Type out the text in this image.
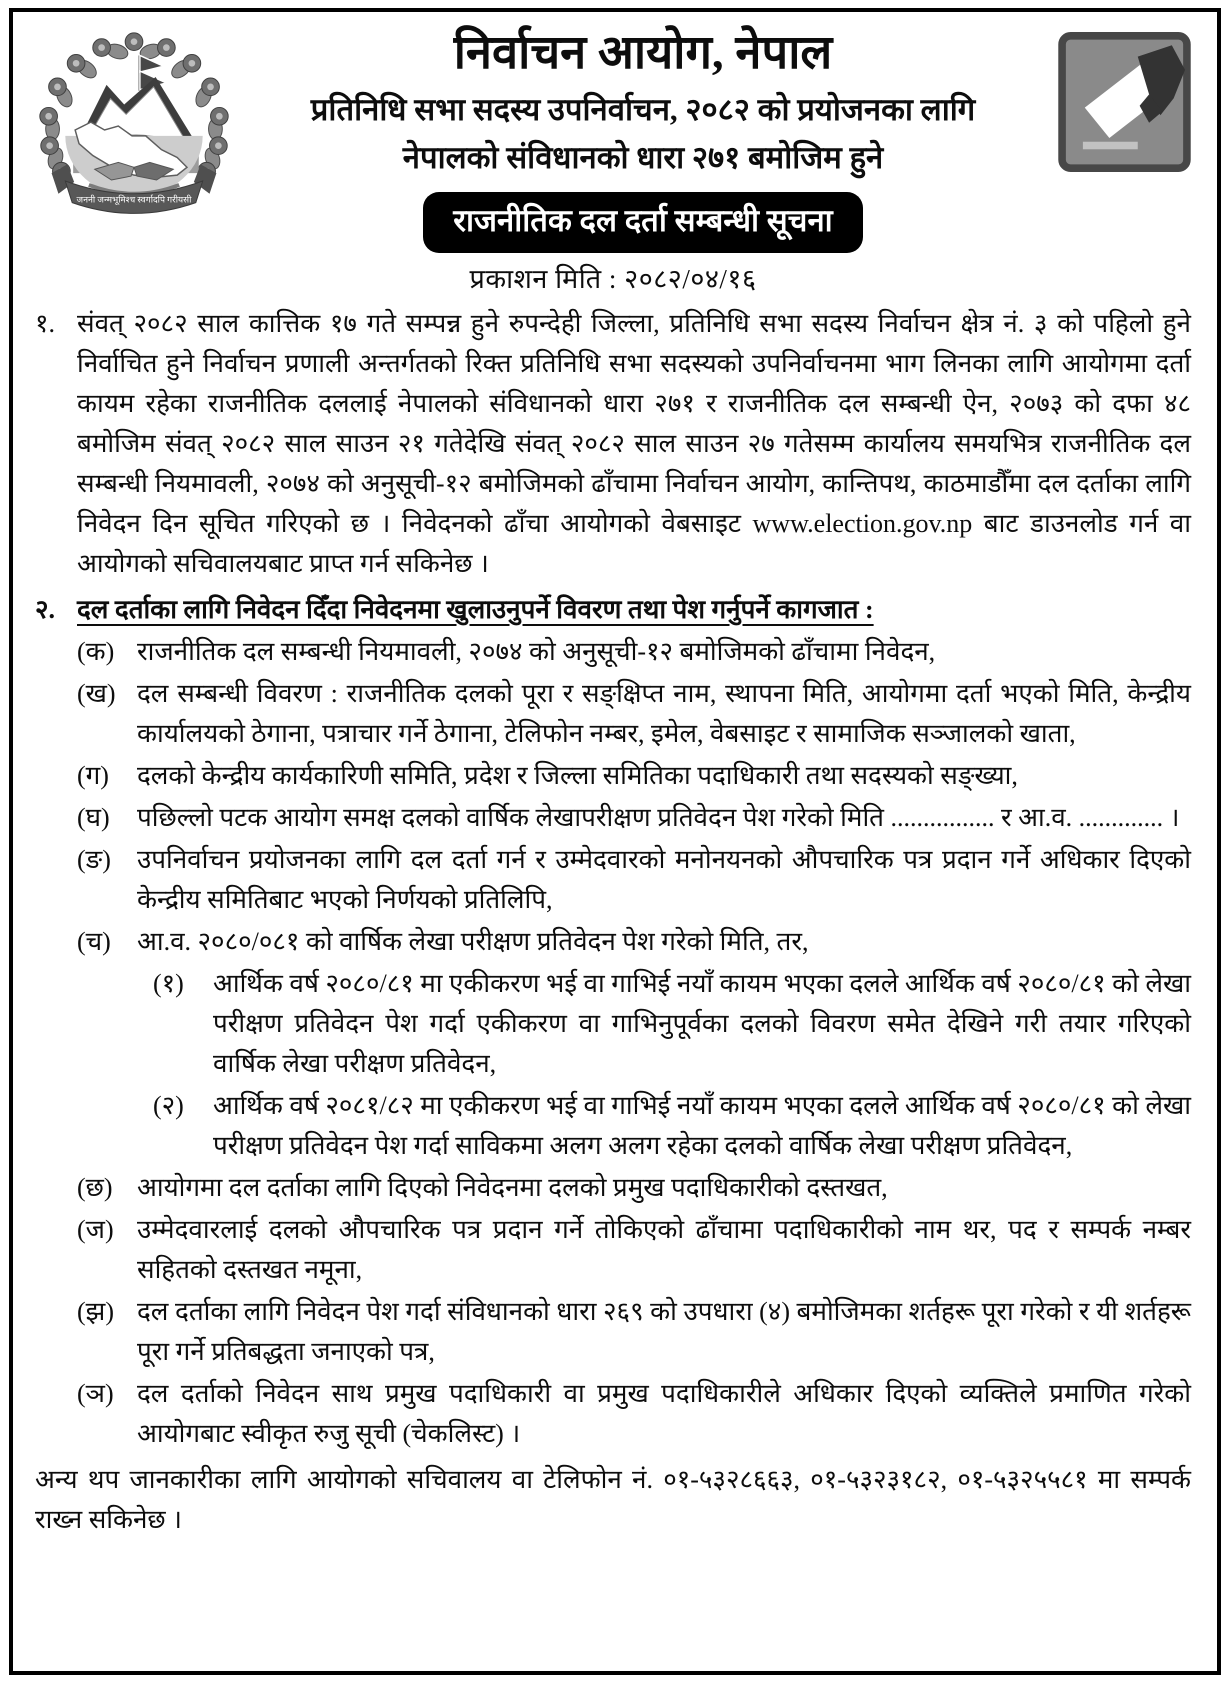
जननी जन्मभूमिश्च स्वर्गादपि गरीयसी
निर्वाचन आयोग, नेपाल
प्रतिनिधि सभा सदस्य उपनिर्वाचन, २०८२ को प्रयोजनका लागि
नेपालको संविधानको धारा २७१ बमोजिम हुने
राजनीतिक दल दर्ता सम्बन्धी सूचना
प्रकाशन मिति : २०८२/०४/१६
१. संवत् २०८२ साल कात्तिक १७ गते सम्पन्न हुने रुपन्देही जिल्ला, प्रतिनिधि सभा सदस्य निर्वाचन क्षेत्र नं. ३ को पहिलो हुने निर्वाचित हुने निर्वाचन प्रणाली अन्तर्गतको रिक्त प्रतिनिधि सभा सदस्यको उपनिर्वाचनमा भाग लिनका लागि आयोगमा दर्ता कायम रहेका राजनीतिक दललाई नेपालको संविधानको धारा २७१ र राजनीतिक दल सम्बन्धी ऐन, २०७३ को दफा ४८ बमोजिम संवत् २०८२ साल साउन २१ गतेदेखि संवत् २०८२ साल साउन २७ गतेसम्म कार्यालय समयभित्र राजनीतिक दल सम्बन्धी नियमावली, २०७४ को अनुसूची-१२ बमोजिमको ढाँचामा निर्वाचन आयोग, कान्तिपथ, काठमाडौँमा दल दर्ताका लागि निवेदन दिन सूचित गरिएको छ । निवेदनको ढाँचा आयोगको वेबसाइट www.election.gov.np बाट डाउनलोड गर्न वा आयोगको सचिवालयबाट प्राप्त गर्न सकिनेछ ।
२. दल दर्ताका लागि निवेदन दिँदा निवेदनमा खुलाउनुपर्ने विवरण तथा पेश गर्नुपर्ने कागजात :
(क) राजनीतिक दल सम्बन्धी नियमावली, २०७४ को अनुसूची-१२ बमोजिमको ढाँचामा निवेदन,
(ख) दल सम्बन्धी विवरण : राजनीतिक दलको पूरा र सङ्क्षिप्त नाम, स्थापना मिति, आयोगमा दर्ता भएको मिति, केन्द्रीय कार्यालयको ठेगाना, पत्राचार गर्ने ठेगाना, टेलिफोन नम्बर, इमेल, वेबसाइट र सामाजिक सञ्जालको खाता,
(ग)	दलको केन्द्रीय कार्यकारिणी समिति, प्रदेश र जिल्ला समितिका पदाधिकारी तथा सदस्यको सङ्ख्या,
(घ)	पछिल्लो पटक आयोग समक्ष दलको वार्षिक लेखापरीक्षण प्रतिवेदन पेश गरेको मिति ................ र आ.व. ............. ।
(ङ)	उपनिर्वाचन प्रयोजनका लागि दल दर्ता गर्न र उम्मेदवारको मनोनयनको औपचारिक पत्र प्रदान गर्ने अधिकार दिएको केन्द्रीय समितिबाट भएको निर्णयको प्रतिलिपि,
(च)	आ.व. २०८०/०८१ को वार्षिक लेखा परीक्षण प्रतिवेदन पेश गरेको मिति, तर,
(१)	आर्थिक वर्ष २०८०/८१ मा एकीकरण भई वा गाभिई नयाँ कायम भएका दलले आर्थिक वर्ष २०८०/८१ को लेखा परीक्षण प्रतिवेदन पेश गर्दा एकीकरण वा गाभिनुपूर्वका दलको विवरण समेत देखिने गरी तयार गरिएको वार्षिक लेखा परीक्षण प्रतिवेदन,
(२)	आर्थिक वर्ष २०८१/८२ मा एकीकरण भई वा गाभिई नयाँ कायम भएका दलले आर्थिक वर्ष २०८०/८१ को लेखा परीक्षण प्रतिवेदन पेश गर्दा साविकमा अलग अलग रहेका दलको वार्षिक लेखा परीक्षण प्रतिवेदन,
(छ) आयोगमा दल दर्ताका लागि दिएको निवेदनमा दलको प्रमुख पदाधिकारीको दस्तखत,
(ज) उम्मेदवारलाई दलको औपचारिक पत्र प्रदान गर्ने तोकिएको ढाँचामा पदाधिकारीको नाम थर, पद र सम्पर्क नम्बर सहितको दस्तखत नमूना,
(झ) दल दर्ताका लागि निवेदन पेश गर्दा संविधानको धारा २६९ को उपधारा (४) बमोजिमका शर्तहरू पूरा गरेको र यी शर्तहरू पूरा गर्ने प्रतिबद्धता जनाएको पत्र,
(ञ) दल दर्ताको निवेदन साथ प्रमुख पदाधिकारी वा प्रमुख पदाधिकारीले अधिकार दिएको व्यक्तिले प्रमाणित गरेको आयोगबाट स्वीकृत रुजु सूची (चेकलिस्ट) ।
अन्य थप जानकारीका लागि आयोगको सचिवालय वा टेलिफोन नं. ०१-५३२८६६३, ०१-५३२३१८२, ०१-५३२५५८१ मा सम्पर्क राख्न सकिनेछ ।
